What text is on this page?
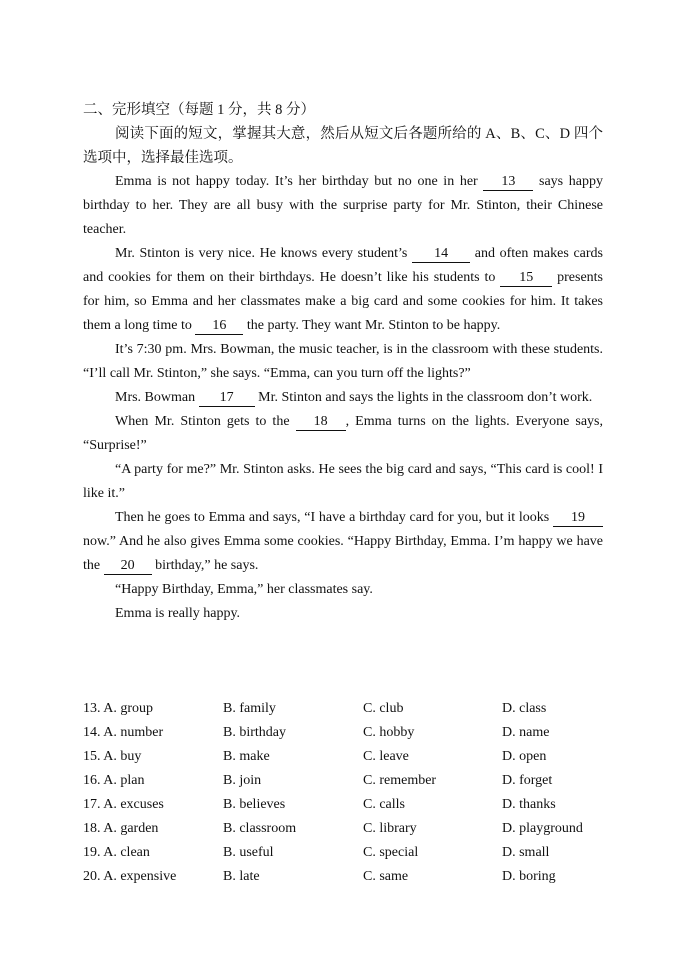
二、完形填空（每题 1 分，共 8 分）

阅读下面的短文，掌握其大意，然后从短文后各题所给的 A、B、C、D 四个选项中，选择最佳选项。

Emma is not happy today. It’s her birthday but no one in her 13 says happy birthday to her. They are all busy with the surprise party for Mr. Stinton, their Chinese teacher.

Mr. Stinton is very nice. He knows every student’s 14 and often makes cards and cookies for them on their birthdays. He doesn’t like his students to 15 presents for him, so Emma and her classmates make a big card and some cookies for him. It takes them a long time to 16 the party. They want Mr. Stinton to be happy.

It’s 7:30 pm. Mrs. Bowman, the music teacher, is in the classroom with these students. “I’ll call Mr. Stinton,” she says. “Emma, can you turn off the lights?”

Mrs. Bowman 17 Mr. Stinton and says the lights in the classroom don’t work.

When Mr. Stinton gets to the 18 , Emma turns on the lights. Everyone says, “Surprise!”

“A party for me?” Mr. Stinton asks. He sees the big card and says, “This card is cool! I like it.”

Then he goes to Emma and says, “I have a birthday card for you, but it looks 19 now.” And he also gives Emma some cookies. “Happy Birthday, Emma. I’m happy we have the 20 birthday,” he says.

“Happy Birthday, Emma,” her classmates say.

Emma is really happy.

13. A. group	B. family	C. club	D. class
14. A. number	B. birthday	C. hobby	D. name
15. A. buy	B. make	C. leave	D. open
16. A. plan	B. join	C. remember	D. forget
17. A. excuses	B. believes	C. calls	D. thanks
18. A. garden	B. classroom	C. library	D. playground
19. A. clean	B. useful	C. special	D. small
20. A. expensive	B. late	C. same	D. boring
